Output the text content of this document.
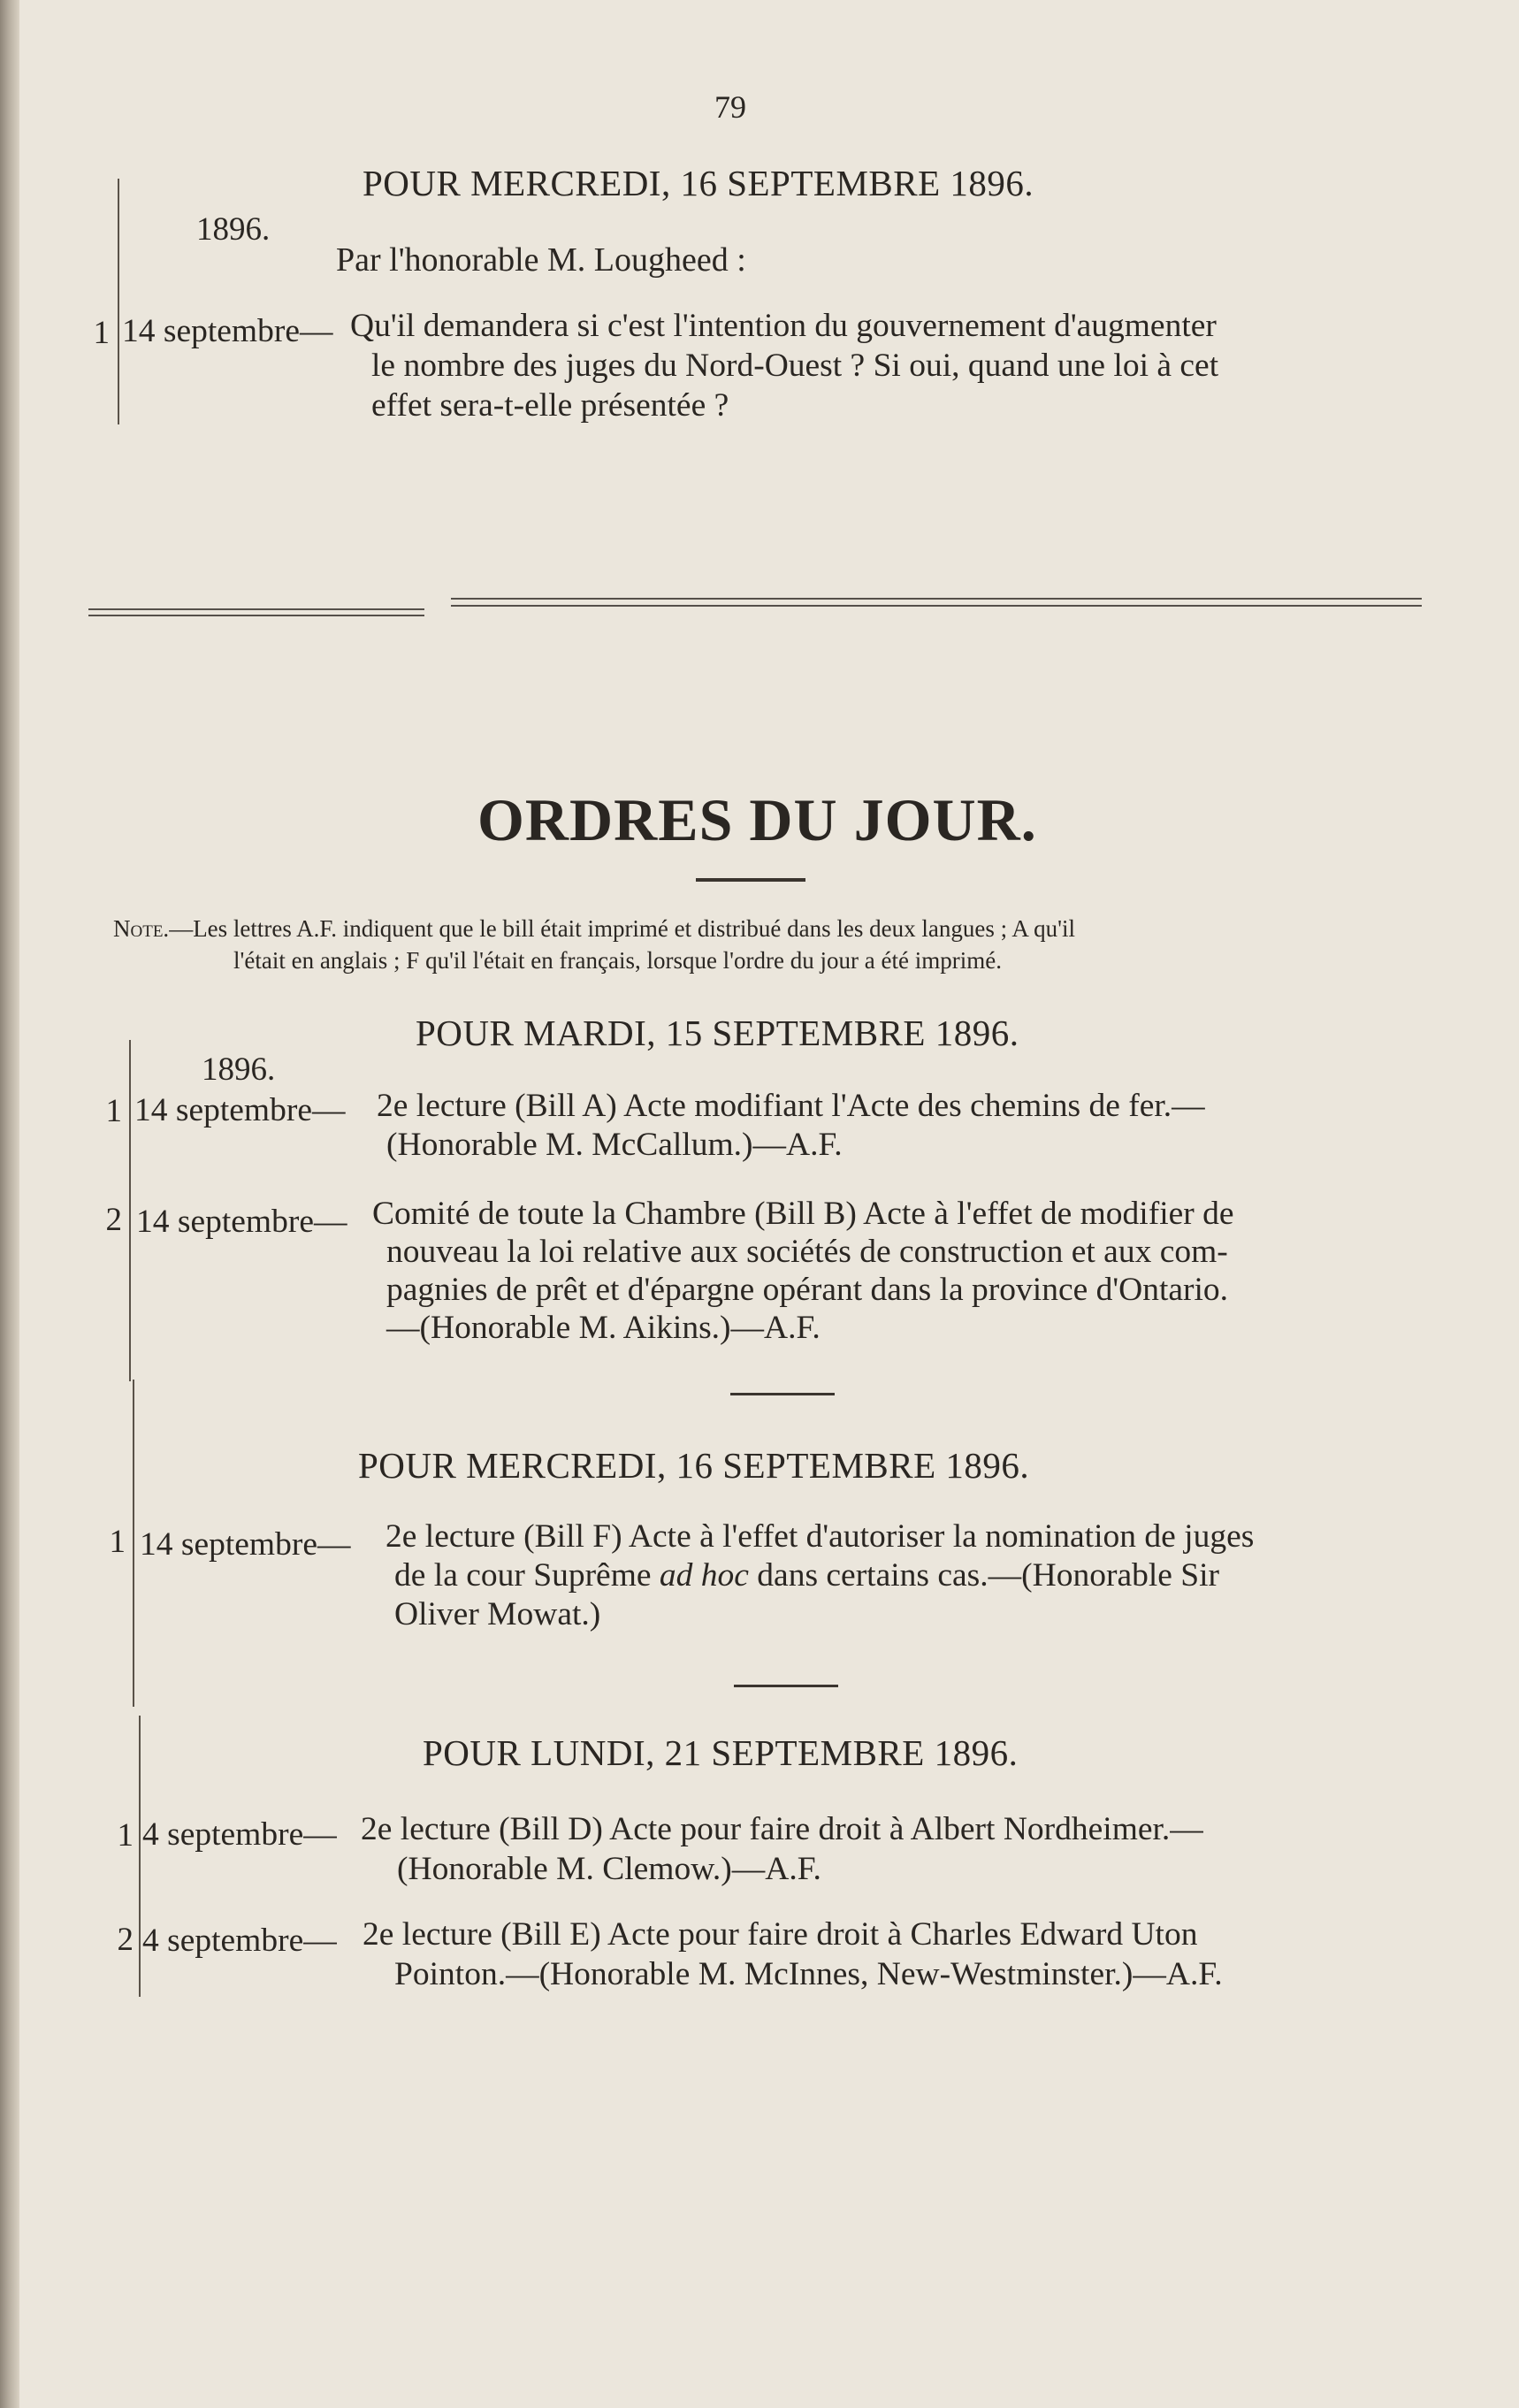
79
POUR MERCREDI, 16 SEPTEMBRE 1896.
1896.
Par l'honorable M. Lougheed :
1 14 septembre— Qu'il demandera si c'est l'intention du gouvernement d'augmenter
le nombre des juges du Nord-Ouest ? Si oui, quand une loi à cet
effet sera-t-elle présentée ?
ORDRES DU JOUR.
Note.—Les lettres A.F. indiquent que le bill était imprimé et distribué dans les deux langues ; A qu'il
l'était en anglais ; F qu'il l'était en français, lorsque l'ordre du jour a été imprimé.
POUR MARDI, 15 SEPTEMBRE 1896.
1896.
1 14 septembre— 2e lecture (Bill A) Acte modifiant l'Acte des chemins de fer.—
(Honorable M. McCallum.)—A.F.
2 14 septembre— Comité de toute la Chambre (Bill B) Acte à l'effet de modifier de
nouveau la loi relative aux sociétés de construction et aux com-
pagnies de prêt et d'épargne opérant dans la province d'Ontario.
—(Honorable M. Aikins.)—A.F.
POUR MERCREDI, 16 SEPTEMBRE 1896.
1 14 septembre— 2e lecture (Bill F) Acte à l'effet d'autoriser la nomination de juges
de la cour Suprême ad hoc dans certains cas.—(Honorable Sir
Oliver Mowat.)
POUR LUNDI, 21 SEPTEMBRE 1896.
1 4 septembre— 2e lecture (Bill D) Acte pour faire droit à Albert Nordheimer.—
(Honorable M. Clemow.)—A.F.
2 4 septembre— 2e lecture (Bill E) Acte pour faire droit à Charles Edward Uton
Pointon.—(Honorable M. McInnes, New-Westminster.)—A.F.
